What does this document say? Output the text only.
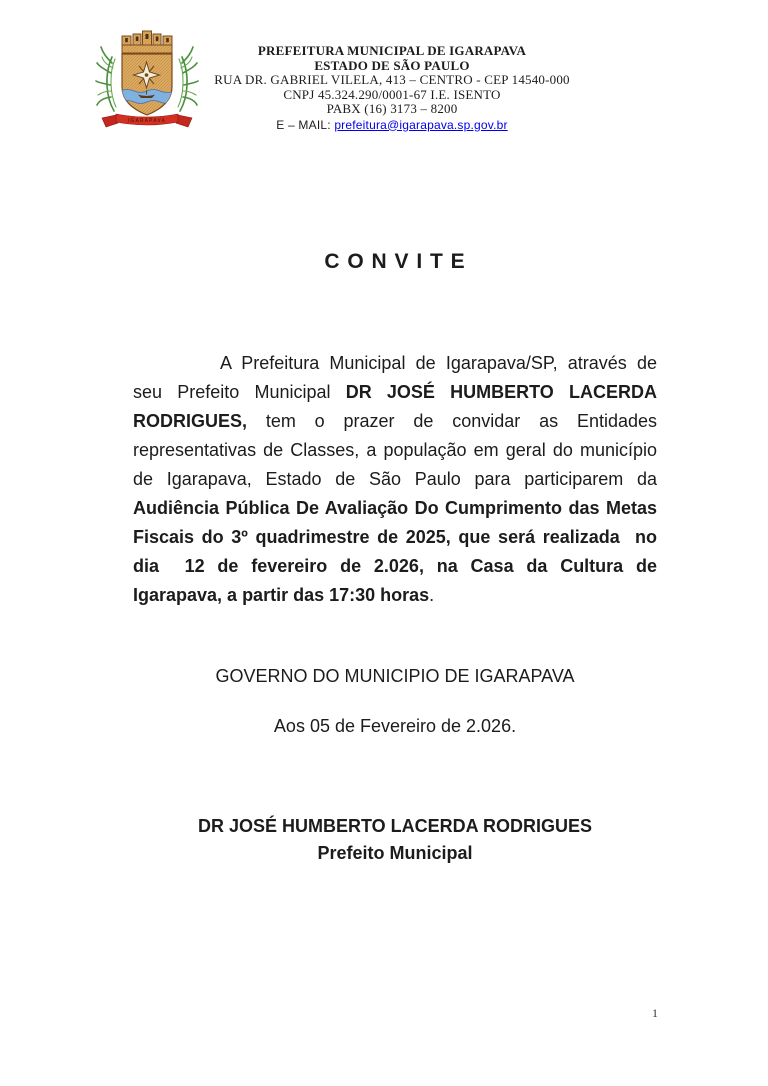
IGARAPAVA
PREFEITURA MUNICIPAL DE IGARAPAVA
ESTADO DE SÃO PAULO
RUA DR. GABRIEL VILELA, 413 – CENTRO - CEP 14540-000
CNPJ 45.324.290/0001-67 I.E. ISENTO
PABX (16) 3173 – 8200
E – MAIL: prefeitura@igarapava.sp.gov.br
C O N V I T E

A Prefeitura Municipal de Igarapava/SP, através de seu Prefeito Municipal DR JOSÉ HUMBERTO LACERDA RODRIGUES, tem o prazer de convidar as Entidades representativas de Classes, a população em geral do município de Igarapava, Estado de São Paulo para participarem da Audiência Pública De Avaliação Do Cumprimento das Metas Fiscais do 3º quadrimestre de 2025, que será realizada  no dia  12 de fevereiro de 2.026, na Casa da Cultura de Igarapava, a partir das 17:30 horas.

GOVERNO DO MUNICIPIO DE IGARAPAVA
Aos 05 de Fevereiro de 2.026.
DR JOSÉ HUMBERTO LACERDA RODRIGUES
Prefeito Municipal
1
